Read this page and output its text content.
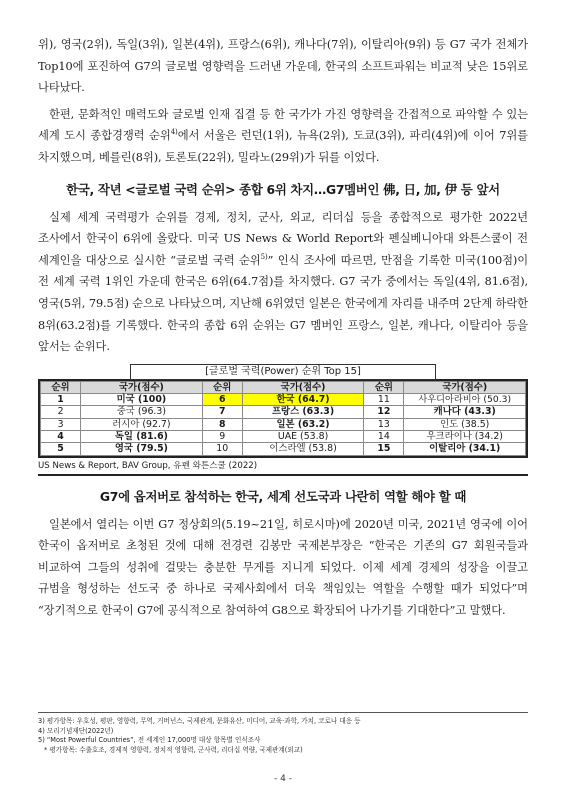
위), 영국(2위), 독일(3위), 일본(4위), 프랑스(6위), 캐나다(7위), 이탈리아(9위) 등 G7 국가 전체가 Top10에 포진하여 G7의 글로벌 영향력을 드러낸 가운데, 한국의 소프트파워는 비교적 낮은 15위로 나타났다.

한편, 문화적인 매력도와 글로벌 인재 집결 등 한 국가가 가진 영향력을 간접적으로 파악할 수 있는 세계 도시 종합경쟁력 순위$^{4)}$에서 서울은 런던(1위), 뉴욕(2위), 도쿄(3위), 파리(4위)에 이어 7위를 차지했으며, 베를린(8위), 토론토(22위), 밀라노(29위)가 뒤를 이었다.

한국, 작년 <글로벌 국력 순위> 종합 6위 차지…G7멤버인 佛, 日, 加, 伊 등 앞서

실제 세계 국력평가 순위를 경제, 정치, 군사, 외교, 리더십 등을 종합적으로 평가한 2022년 조사에서 한국이 6위에 올랐다. 미국 US News & World Report와 펜실베니아대 와튼스쿨이 전 세계인을 대상으로 실시한 “글로벌 국력 순위$^{5)}$” 인식 조사에 따르면, 만점을 기록한 미국(100점)이 전 세계 국력 1위인 가운데 한국은 6위(64.7점)를 차지했다. G7 국가 중에서는 독일(4위, 81.6점), 영국(5위, 79.5점) 순으로 나타났으며, 지난해 6위였던 일본은 한국에게 자리를 내주며 2단계 하락한 8위(63.2점)를 기록했다. 한국의 종합 6위 순위는 G7 멤버인 프랑스, 일본, 캐나다, 이탈리아 등을 앞서는 순위다.

[글로벌 국력(Power) 순위 Top 15]
순위	국가(점수)	순위	국가(점수)	순위	국가(점수)
1	미국 (100)	6	한국 (64.7)	11	사우디아라비아 (50.3)
2	중국 (96.3)	7	프랑스 (63.3)	12	캐나다 (43.3)
3	러시아 (92.7)	8	일본 (63.2)	13	인도 (38.5)
4	독일 (81.6)	9	UAE (53.8)	14	우크라이나 (34.2)
5	영국 (79.5)	10	이스라엘 (53.8)	15	이탈리아 (34.1)
US News & Report, BAV Group, 유펜 와튼스쿨 (2022)
G7에 옵저버로 참석하는 한국, 세계 선도국과 나란히 역할 해야 할 때

일본에서 열리는 이번 G7 정상회의(5.19~21일, 히로시마)에 2020년 미국, 2021년 영국에 이어 한국이 옵저버로 초청된 것에 대해 전경련 김봉만 국제본부장은 “한국은 기존의 G7 회원국들과 비교하여 그들의 성취에 걸맞는 충분한 무게를 지니게 되었다. 이제 세계 경제의 성장을 이끌고 규범을 형성하는 선도국 중 하나로 국제사회에서 더욱 책임있는 역할을 수행할 때가 되었다”며 “장기적으로 한국이 G7에 공식적으로 참여하여 G8으로 확장되어 나가기를 기대한다”고 말했다.

3) 평가항목: 우호성, 평판, 영향력, 무역, 거버넌스, 국제관계, 문화유산, 미디어, 교육·과학, 가치, 코로나 대응 등

4) 모리기념재단(2022년)

5) “Most Powerful Countries”, 전 세계인 17,000명 대상 항목별 인식조사

* 평가항목: 수출호조, 경제적 영향력, 정치적 영향력, 군사력, 리더십 역량, 국제관계(외교)

- 4 -
